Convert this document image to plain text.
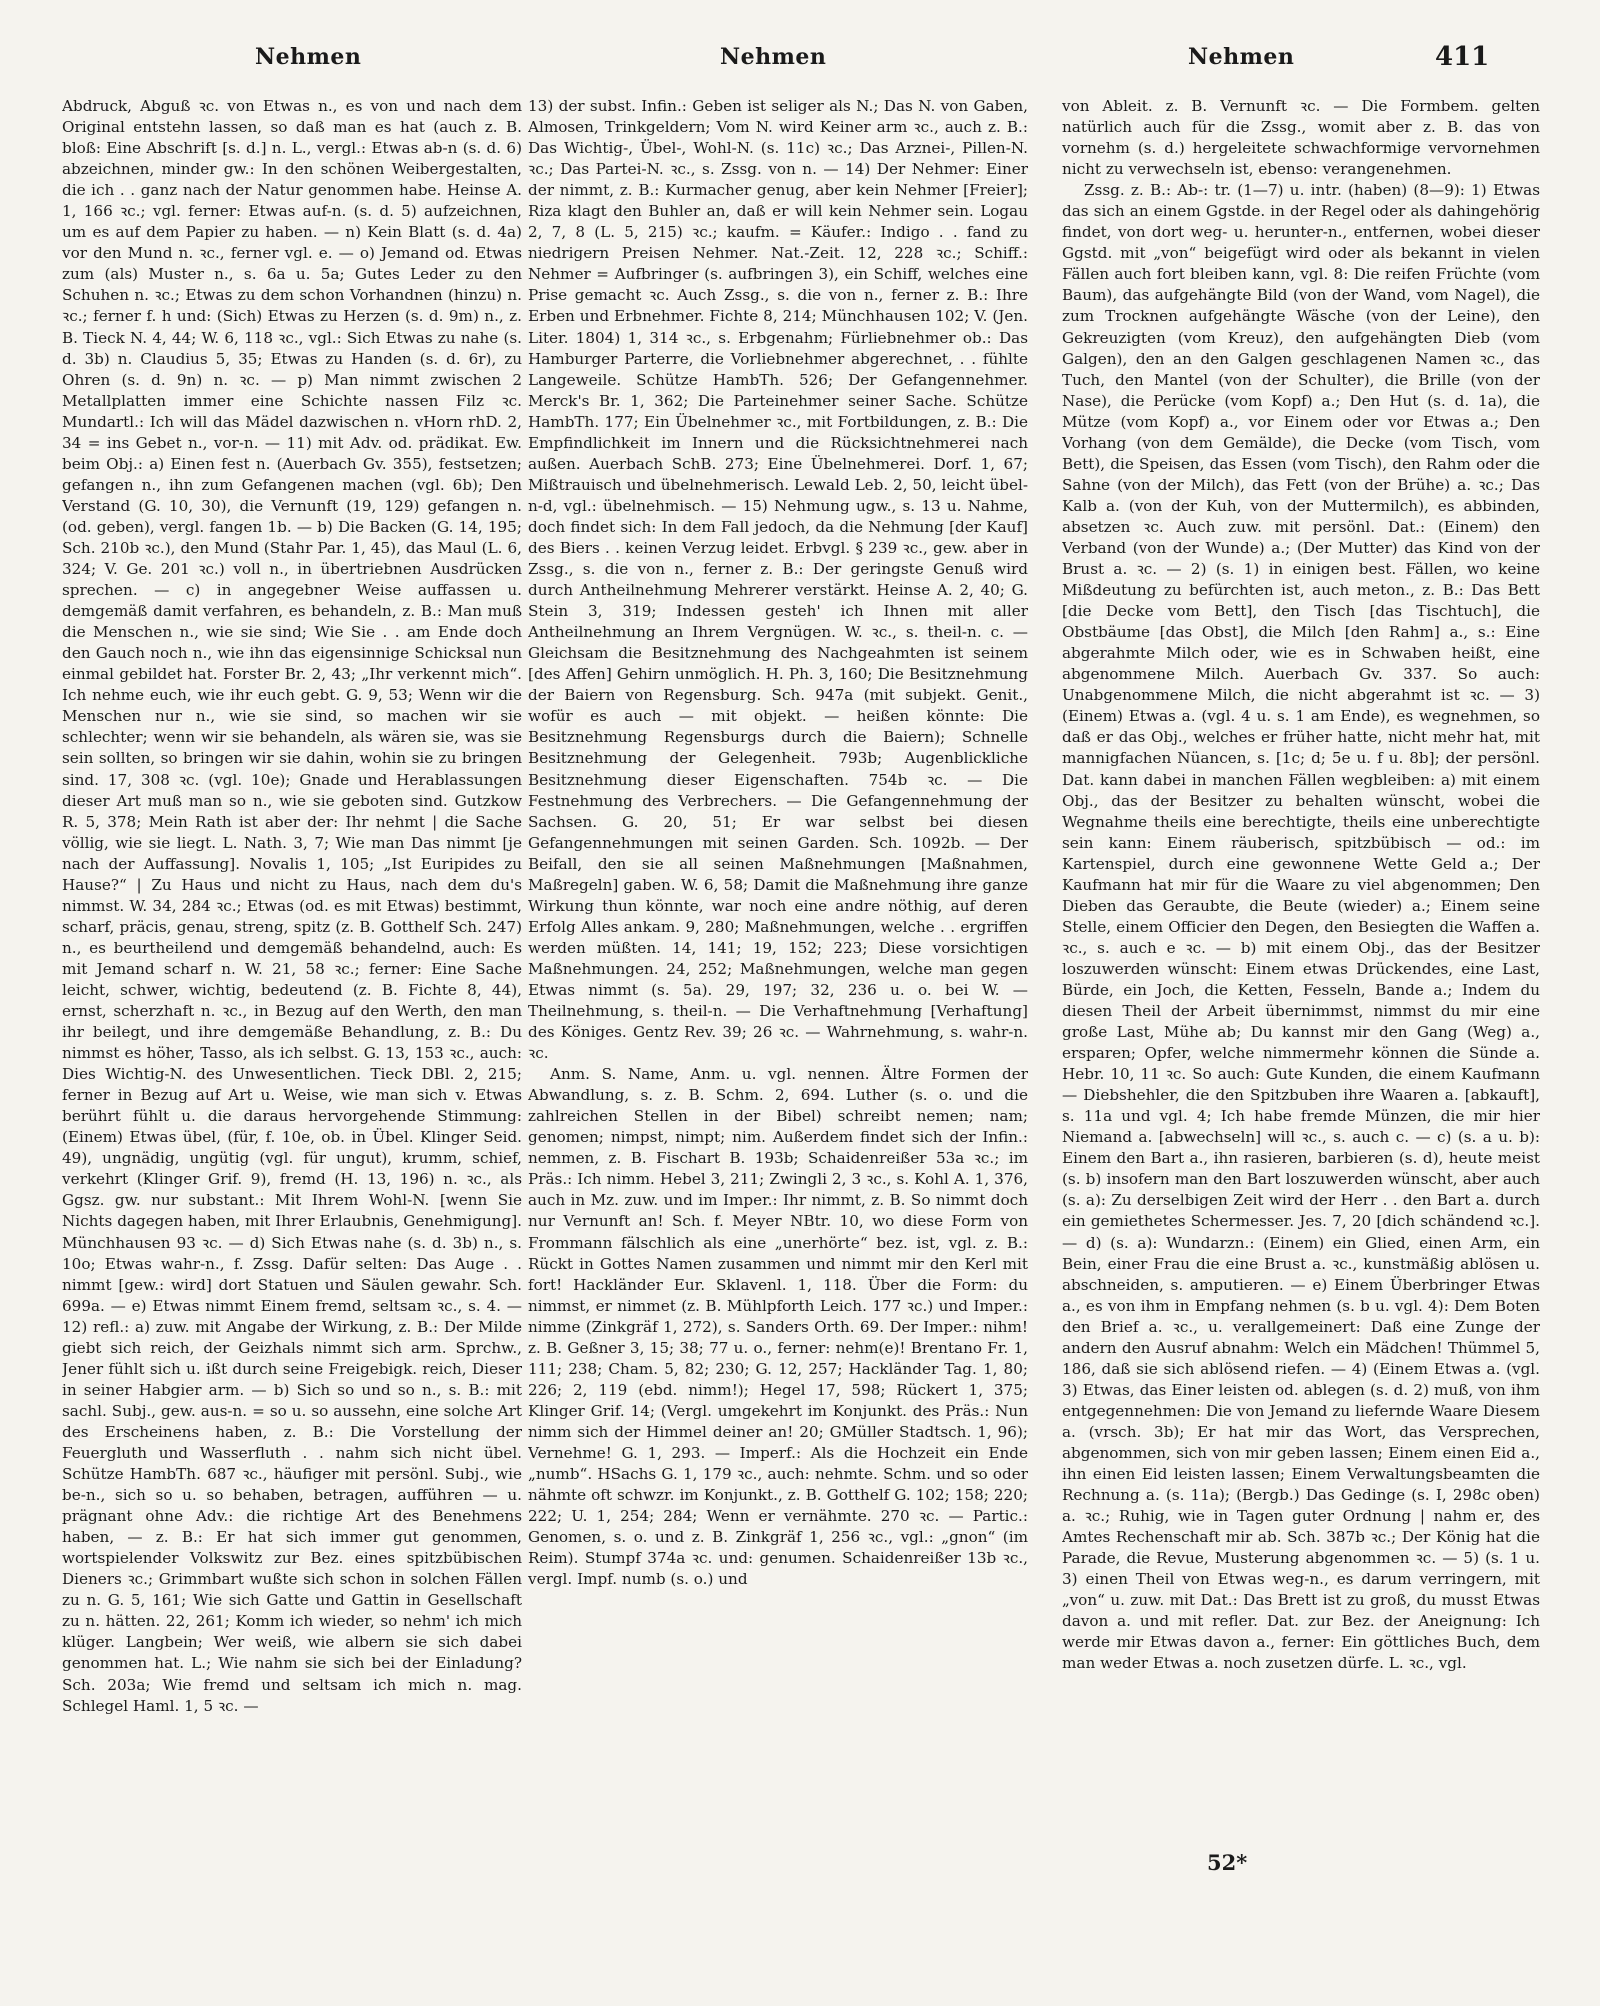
Nehmen	Nehmen	Nehmen	411

Abdruck, Abguß ꝛc. von Etwas n., es von und nach dem Original entstehn lassen, so daß man es hat (auch z. B. bloß: Eine Abschrift [s. d.] n. L., vergl.: Etwas ab-n (s. d. 6) abzeichnen, minder gw.: In den schönen Weibergestalten, die ich . . ganz nach der Natur genommen habe. Heinse A. 1, 166 ꝛc.; vgl. ferner: Etwas auf-n. (s. d. 5) aufzeichnen, um es auf dem Papier zu haben. — n) Kein Blatt (s. d. 4a) vor den Mund n. ꝛc., ferner vgl. e. — o) Jemand od. Etwas zum (als) Muster n., s. 6a u. 5a; Gutes Leder zu den Schuhen n. ꝛc.; Etwas zu dem schon Vorhandnen (hinzu) n. ꝛc.; ferner f. h und: (Sich) Etwas zu Herzen (s. d. 9m) n., z. B. Tieck N. 4, 44; W. 6, 118 ꝛc., vgl.: Sich Etwas zu nahe (s. d. 3b) n. Claudius 5, 35; Etwas zu Handen (s. d. 6r), zu Ohren (s. d. 9n) n. ꝛc. — p) Man nimmt zwischen 2 Metallplatten immer eine Schichte nassen Filz ꝛc. Mundartl.: Ich will das Mädel dazwischen n. vHorn rhD. 2, 34 = ins Gebet n., vor-n. — 11) mit Adv. od. prädikat. Ew. beim Obj.: a) Einen fest n. (Auerbach Gv. 355), festsetzen; gefangen n., ihn zum Gefangenen machen (vgl. 6b); Den Verstand (G. 10, 30), die Vernunft (19, 129) gefangen n. (od. geben), vergl. fangen 1b. — b) Die Backen (G. 14, 195; Sch. 210b ꝛc.), den Mund (Stahr Par. 1, 45), das Maul (L. 6, 324; V. Ge. 201 ꝛc.) voll n., in übertriebnen Ausdrücken sprechen. — c) in angegebner Weise auffassen u. demgemäß damit verfahren, es behandeln, z. B.: Man muß die Menschen n., wie sie sind; Wie Sie . . am Ende doch den Gauch noch n., wie ihn das eigensinnige Schicksal nun einmal gebildet hat. Forster Br. 2, 43; „Ihr verkennt mich“. Ich nehme euch, wie ihr euch gebt. G. 9, 53; Wenn wir die Menschen nur n., wie sie sind, so machen wir sie schlechter; wenn wir sie behandeln, als wären sie, was sie sein sollten, so bringen wir sie dahin, wohin sie zu bringen sind. 17, 308 ꝛc. (vgl. 10e); Gnade und Herablassungen dieser Art muß man so n., wie sie geboten sind. Gutzkow R. 5, 378; Mein Rath ist aber der: Ihr nehmt | die Sache völlig, wie sie liegt. L. Nath. 3, 7; Wie man Das nimmt [je nach der Auffassung]. Novalis 1, 105; „Ist Euripides zu Hause?“ | Zu Haus und nicht zu Haus, nach dem du's nimmst. W. 34, 284 ꝛc.; Etwas (od. es mit Etwas) bestimmt, scharf, präcis, genau, streng, spitz (z. B. Gotthelf Sch. 247) n., es beurtheilend und demgemäß behandelnd, auch: Es mit Jemand scharf n. W. 21, 58 ꝛc.; ferner: Eine Sache leicht, schwer, wichtig, bedeutend (z. B. Fichte 8, 44), ernst, scherzhaft n. ꝛc., in Bezug auf den Werth, den man ihr beilegt, und ihre demgemäße Behandlung, z. B.: Du nimmst es höher, Tasso, als ich selbst. G. 13, 153 ꝛc., auch: Dies Wichtig-N. des Unwesentlichen. Tieck DBl. 2, 215; ferner in Bezug auf Art u. Weise, wie man sich v. Etwas berührt fühlt u. die daraus hervorgehende Stimmung: (Einem) Etwas übel, (für, f. 10e, ob. in Übel. Klinger Seid. 49), ungnädig, ungütig (vgl. für ungut), krumm, schief, verkehrt (Klinger Grif. 9), fremd (H. 13, 196) n. ꝛc., als Ggsz. gw. nur substant.: Mit Ihrem Wohl-N. [wenn Sie Nichts dagegen haben, mit Ihrer Erlaubnis, Genehmigung]. Münchhausen 93 ꝛc. — d) Sich Etwas nahe (s. d. 3b) n., s. 10o; Etwas wahr-n., f. Zssg. Dafür selten: Das Auge . . nimmt [gew.: wird] dort Statuen und Säulen gewahr. Sch. 699a. — e) Etwas nimmt Einem fremd, seltsam ꝛc., s. 4. — 12) refl.: a) zuw. mit Angabe der Wirkung, z. B.: Der Milde giebt sich reich, der Geizhals nimmt sich arm. Sprchw., Jener fühlt sich u. ißt durch seine Freigebigk. reich, Dieser in seiner Habgier arm. — b) Sich so und so n., s. B.: mit sachl. Subj., gew. aus-n. = so u. so aussehn, eine solche Art des Erscheinens haben, z. B.: Die Vorstellung der Feuergluth und Wasserfluth . . nahm sich nicht übel. Schütze HambTh. 687 ꝛc., häufiger mit persönl. Subj., wie be-n., sich so u. so behaben, betragen, aufführen — u. prägnant ohne Adv.: die richtige Art des Benehmens haben, — z. B.: Er hat sich immer gut genommen, wortspielender Volkswitz zur Bez. eines spitzbübischen Dieners ꝛc.; Grimmbart wußte sich schon in solchen Fällen zu n. G. 5, 161; Wie sich Gatte und Gattin in Gesellschaft zu n. hätten. 22, 261; Komm ich wieder, so nehm' ich mich klüger. Langbein; Wer weiß, wie albern sie sich dabei genommen hat. L.; Wie nahm sie sich bei der Einladung? Sch. 203a; Wie fremd und seltsam ich mich n. mag. Schlegel Haml. 1, 5 ꝛc. —

13) der subst. Infin.: Geben ist seliger als N.; Das N. von Gaben, Almosen, Trinkgeldern; Vom N. wird Keiner arm ꝛc., auch z. B.: Das Wichtig-, Übel-, Wohl-N. (s. 11c) ꝛc.; Das Arznei-, Pillen-N. ꝛc.; Das Partei-N. ꝛc., s. Zssg. von n. — 14) Der Nehmer: Einer der nimmt, z. B.: Kurmacher genug, aber kein Nehmer [Freier]; Riza klagt den Buhler an, daß er will kein Nehmer sein. Logau 2, 7, 8 (L. 5, 215) ꝛc.; kaufm. = Käufer.: Indigo . . fand zu niedrigern Preisen Nehmer. Nat.-Zeit. 12, 228 ꝛc.; Schiff.: Nehmer = Aufbringer (s. aufbringen 3), ein Schiff, welches eine Prise gemacht ꝛc. Auch Zssg., s. die von n., ferner z. B.: Ihre Erben und Erbnehmer. Fichte 8, 214; Münchhausen 102; V. (Jen. Liter. 1804) 1, 314 ꝛc., s. Erbgenahm; Fürliebnehmer ob.: Das Hamburger Parterre, die Vorliebnehmer abgerechnet, . . fühlte Langeweile. Schütze HambTh. 526; Der Gefangennehmer. Merck's Br. 1, 362; Die Parteinehmer seiner Sache. Schütze HambTh. 177; Ein Übelnehmer ꝛc., mit Fortbildungen, z. B.: Die Empfindlichkeit im Innern und die Rücksichtnehmerei nach außen. Auerbach SchB. 273; Eine Übelnehmerei. Dorf. 1, 67; Mißtrauisch und übelnehmerisch. Lewald Leb. 2, 50, leicht übel-n-d, vgl.: übelnehmisch. — 15) Nehmung ugw., s. 13 u. Nahme, doch findet sich: In dem Fall jedoch, da die Nehmung [der Kauf] des Biers . . keinen Verzug leidet. Erbvgl. § 239 ꝛc., gew. aber in Zssg., s. die von n., ferner z. B.: Der geringste Genuß wird durch Antheilnehmung Mehrerer verstärkt. Heinse A. 2, 40; G. Stein 3, 319; Indessen gesteh' ich Ihnen mit aller Antheilnehmung an Ihrem Vergnügen. W. ꝛc., s. theil-n. c. — Gleichsam die Besitznehmung des Nachgeahmten ist seinem [des Affen] Gehirn unmöglich. H. Ph. 3, 160; Die Besitznehmung der Baiern von Regensburg. Sch. 947a (mit subjekt. Genit., wofür es auch — mit objekt. — heißen könnte: Die Besitznehmung Regensburgs durch die Baiern); Schnelle Besitznehmung der Gelegenheit. 793b; Augenblickliche Besitznehmung dieser Eigenschaften. 754b ꝛc. — Die Festnehmung des Verbrechers. — Die Gefangennehmung der Sachsen. G. 20, 51; Er war selbst bei diesen Gefangennehmungen mit seinen Garden. Sch. 1092b. — Der Beifall, den sie all seinen Maßnehmungen [Maßnahmen, Maßregeln] gaben. W. 6, 58; Damit die Maßnehmung ihre ganze Wirkung thun könnte, war noch eine andre nöthig, auf deren Erfolg Alles ankam. 9, 280; Maßnehmungen, welche . . ergriffen werden müßten. 14, 141; 19, 152; 223; Diese vorsichtigen Maßnehmungen. 24, 252; Maßnehmungen, welche man gegen Etwas nimmt (s. 5a). 29, 197; 32, 236 u. o. bei W. — Theilnehmung, s. theil-n. — Die Verhaftnehmung [Verhaftung] des Königes. Gentz Rev. 39; 26 ꝛc. — Wahrnehmung, s. wahr-n. ꝛc.

Anm. S. Name, Anm. u. vgl. nennen. Ältre Formen der Abwandlung, s. z. B. Schm. 2, 694. Luther (s. o. und die zahlreichen Stellen in der Bibel) schreibt nemen; nam; genomen; nimpst, nimpt; nim. Außerdem findet sich der Infin.: nemmen, z. B. Fischart B. 193b; Schaidenreißer 53a ꝛc.; im Präs.: Ich nimm. Hebel 3, 211; Zwingli 2, 3 ꝛc., s. Kohl A. 1, 376, auch in Mz. zuw. und im Imper.: Ihr nimmt, z. B. So nimmt doch nur Vernunft an! Sch. f. Meyer NBtr. 10, wo diese Form von Frommann fälschlich als eine „unerhörte“ bez. ist, vgl. z. B.: Rückt in Gottes Namen zusammen und nimmt mir den Kerl mit fort! Hackländer Eur. Sklavenl. 1, 118. Über die Form: du nimmst, er nimmet (z. B. Mühlpforth Leich. 177 ꝛc.) und Imper.: nimme (Zinkgräf 1, 272), s. Sanders Orth. 69. Der Imper.: nihm! z. B. Geßner 3, 15; 38; 77 u. o., ferner: nehm(e)! Brentano Fr. 1, 111; 238; Cham. 5, 82; 230; G. 12, 257; Hackländer Tag. 1, 80; 226; 2, 119 (ebd. nimm!); Hegel 17, 598; Rückert 1, 375; Klinger Grif. 14; (Vergl. umgekehrt im Konjunkt. des Präs.: Nun nimm sich der Himmel deiner an! 20; GMüller Stadtsch. 1, 96); Vernehme! G. 1, 293. — Imperf.: Als die Hochzeit ein Ende „numb“. HSachs G. 1, 179 ꝛc., auch: nehmte. Schm. und so oder nähmte oft schwzr. im Konjunkt., z. B. Gotthelf G. 102; 158; 220; 222; U. 1, 254; 284; Wenn er vernähmte. 270 ꝛc. — Partic.: Genomen, s. o. und z. B. Zinkgräf 1, 256 ꝛc., vgl.: „gnon“ (im Reim). Stumpf 374a ꝛc. und: genumen. Schaidenreißer 13b ꝛc., vergl. Impf. numb (s. o.) und

von Ableit. z. B. Vernunft ꝛc. — Die Formbem. gelten natürlich auch für die Zssg., womit aber z. B. das von vornehm (s. d.) hergeleitete schwachformige vervornehmen nicht zu verwechseln ist, ebenso: verangenehmen.

Zssg. z. B.: Ab-: tr. (1—7) u. intr. (haben) (8—9): 1) Etwas das sich an einem Ggstde. in der Regel oder als dahingehörig findet, von dort weg- u. herunter-n., entfernen, wobei dieser Ggstd. mit „von“ beigefügt wird oder als bekannt in vielen Fällen auch fort bleiben kann, vgl. 8: Die reifen Früchte (vom Baum), das aufgehängte Bild (von der Wand, vom Nagel), die zum Trocknen aufgehängte Wäsche (von der Leine), den Gekreuzigten (vom Kreuz), den aufgehängten Dieb (vom Galgen), den an den Galgen geschlagenen Namen ꝛc., das Tuch, den Mantel (von der Schulter), die Brille (von der Nase), die Perücke (vom Kopf) a.; Den Hut (s. d. 1a), die Mütze (vom Kopf) a., vor Einem oder vor Etwas a.; Den Vorhang (von dem Gemälde), die Decke (vom Tisch, vom Bett), die Speisen, das Essen (vom Tisch), den Rahm oder die Sahne (von der Milch), das Fett (von der Brühe) a. ꝛc.; Das Kalb a. (von der Kuh, von der Muttermilch), es abbinden, absetzen ꝛc. Auch zuw. mit persönl. Dat.: (Einem) den Verband (von der Wunde) a.; (Der Mutter) das Kind von der Brust a. ꝛc. — 2) (s. 1) in einigen best. Fällen, wo keine Mißdeutung zu befürchten ist, auch meton., z. B.: Das Bett [die Decke vom Bett], den Tisch [das Tischtuch], die Obstbäume [das Obst], die Milch [den Rahm] a., s.: Eine abgerahmte Milch oder, wie es in Schwaben heißt, eine abgenommene Milch. Auerbach Gv. 337. So auch: Unabgenommene Milch, die nicht abgerahmt ist ꝛc. — 3) (Einem) Etwas a. (vgl. 4 u. s. 1 am Ende), es wegnehmen, so daß er das Obj., welches er früher hatte, nicht mehr hat, mit mannigfachen Nüancen, s. [1c; d; 5e u. f u. 8b]; der persönl. Dat. kann dabei in manchen Fällen wegbleiben: a) mit einem Obj., das der Besitzer zu behalten wünscht, wobei die Wegnahme theils eine berechtigte, theils eine unberechtigte sein kann: Einem räuberisch, spitzbübisch — od.: im Kartenspiel, durch eine gewonnene Wette Geld a.; Der Kaufmann hat mir für die Waare zu viel abgenommen; Den Dieben das Geraubte, die Beute (wieder) a.; Einem seine Stelle, einem Officier den Degen, den Besiegten die Waffen a. ꝛc., s. auch e ꝛc. — b) mit einem Obj., das der Besitzer loszuwerden wünscht: Einem etwas Drückendes, eine Last, Bürde, ein Joch, die Ketten, Fesseln, Bande a.; Indem du diesen Theil der Arbeit übernimmst, nimmst du mir eine große Last, Mühe ab; Du kannst mir den Gang (Weg) a., ersparen; Opfer, welche nimmermehr können die Sünde a. Hebr. 10, 11 ꝛc. So auch: Gute Kunden, die einem Kaufmann — Diebshehler, die den Spitzbuben ihre Waaren a. [abkauft], s. 11a und vgl. 4; Ich habe fremde Münzen, die mir hier Niemand a. [abwechseln] will ꝛc., s. auch c. — c) (s. a u. b): Einem den Bart a., ihn rasieren, barbieren (s. d), heute meist (s. b) insofern man den Bart loszuwerden wünscht, aber auch (s. a): Zu derselbigen Zeit wird der Herr . . den Bart a. durch ein gemiethetes Schermesser. Jes. 7, 20 [dich schändend ꝛc.]. — d) (s. a): Wundarzn.: (Einem) ein Glied, einen Arm, ein Bein, einer Frau die eine Brust a. ꝛc., kunstmäßig ablösen u. abschneiden, s. amputieren. — e) Einem Überbringer Etwas a., es von ihm in Empfang nehmen (s. b u. vgl. 4): Dem Boten den Brief a. ꝛc., u. verallgemeinert: Daß eine Zunge der andern den Ausruf abnahm: Welch ein Mädchen! Thümmel 5, 186, daß sie sich ablösend riefen. — 4) (Einem Etwas a. (vgl. 3) Etwas, das Einer leisten od. ablegen (s. d. 2) muß, von ihm entgegennehmen: Die von Jemand zu liefernde Waare Diesem a. (vrsch. 3b); Er hat mir das Wort, das Versprechen, abgenommen, sich von mir geben lassen; Einem einen Eid a., ihn einen Eid leisten lassen; Einem Verwaltungsbeamten die Rechnung a. (s. 11a); (Bergb.) Das Gedinge (s. I, 298c oben) a. ꝛc.; Ruhig, wie in Tagen guter Ordnung | nahm er, des Amtes Rechenschaft mir ab. Sch. 387b ꝛc.; Der König hat die Parade, die Revue, Musterung abgenommen ꝛc. — 5) (s. 1 u. 3) einen Theil von Etwas weg-n., es darum verringern, mit „von“ u. zuw. mit Dat.: Das Brett ist zu groß, du musst Etwas davon a. und mit refler. Dat. zur Bez. der Aneignung: Ich werde mir Etwas davon a., ferner: Ein göttliches Buch, dem man weder Etwas a. noch zusetzen dürfe. L. ꝛc., vgl.

52*
